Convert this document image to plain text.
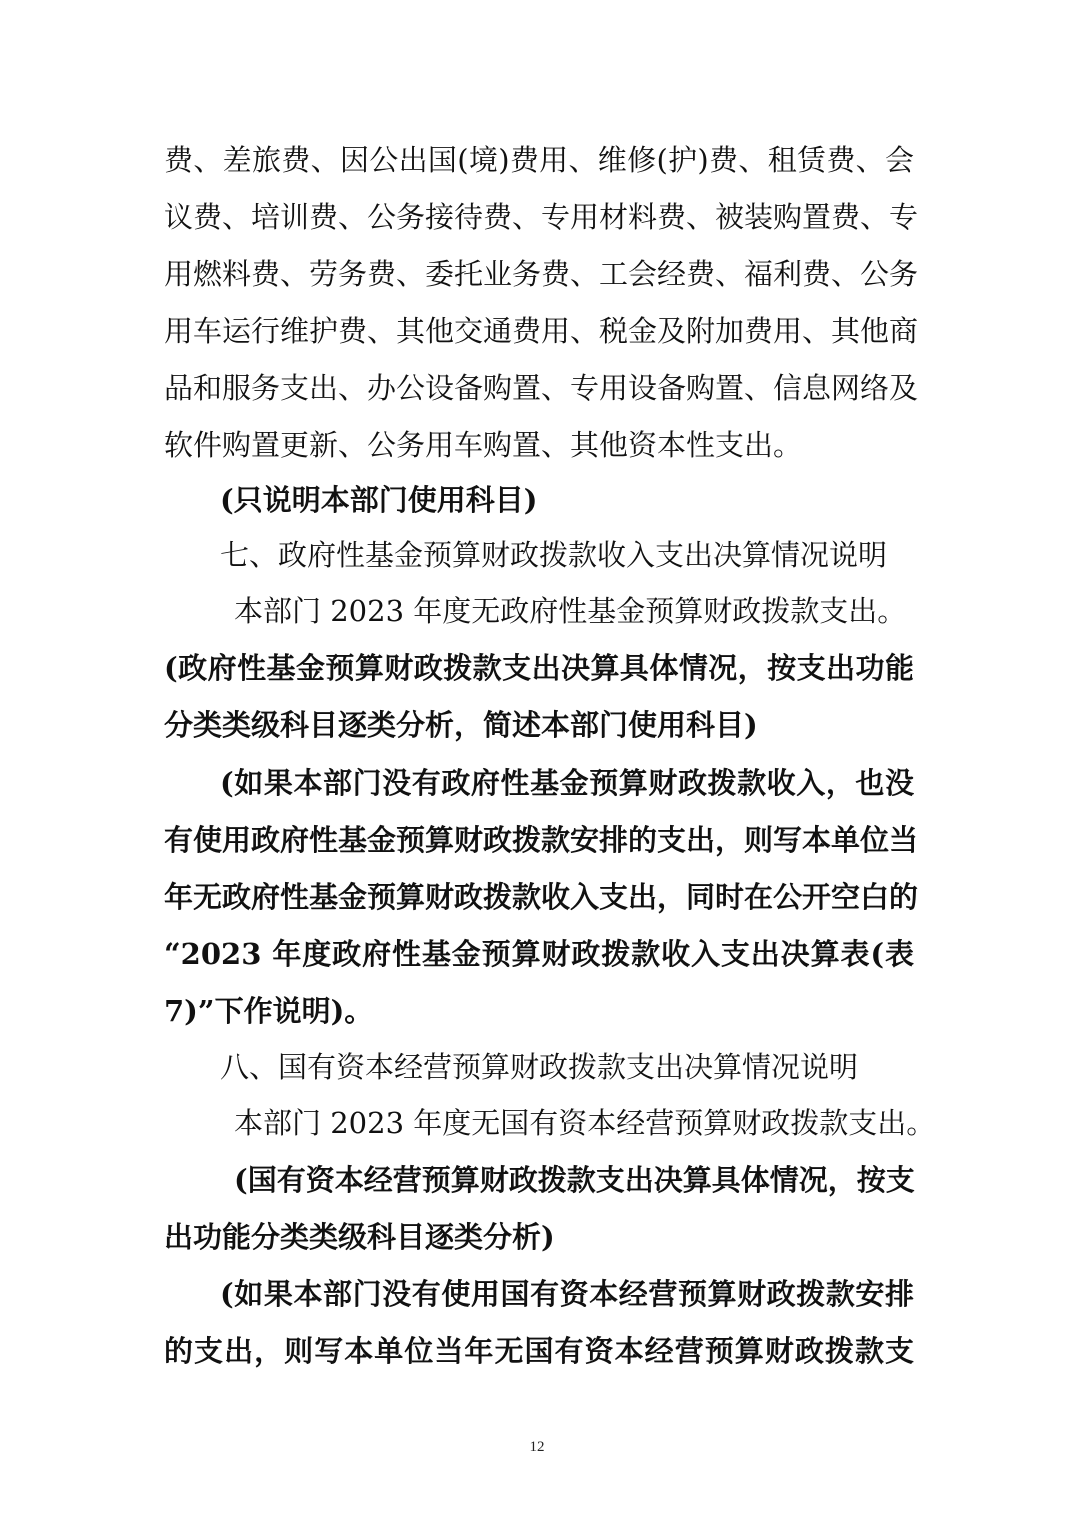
费、差旅费、因公出国(境)费用、维修(护)费、租赁费、会
议费、培训费、公务接待费、专用材料费、被装购置费、专
用燃料费、劳务费、委托业务费、工会经费、福利费、公务
用车运行维护费、其他交通费用、税金及附加费用、其他商
品和服务支出、办公设备购置、专用设备购置、信息网络及
软件购置更新、公务用车购置、其他资本性支出。
(只说明本部门使用科目)
七、政府性基金预算财政拨款收入支出决算情况说明
本部门 2023 年度无政府性基金预算财政拨款支出。
(政府性基金预算财政拨款支出决算具体情况，按支出功能
分类类级科目逐类分析，简述本部门使用科目)
(如果本部门没有政府性基金预算财政拨款收入，也没
有使用政府性基金预算财政拨款安排的支出，则写本单位当
年无政府性基金预算财政拨款收入支出，同时在公开空白的
“2023 年度政府性基金预算财政拨款收入支出决算表(表
7)”下作说明)。
八、国有资本经营预算财政拨款支出决算情况说明
本部门 2023 年度无国有资本经营预算财政拨款支出。
(国有资本经营预算财政拨款支出决算具体情况，按支
出功能分类类级科目逐类分析)
(如果本部门没有使用国有资本经营预算财政拨款安排
的支出，则写本单位当年无国有资本经营预算财政拨款支
12
